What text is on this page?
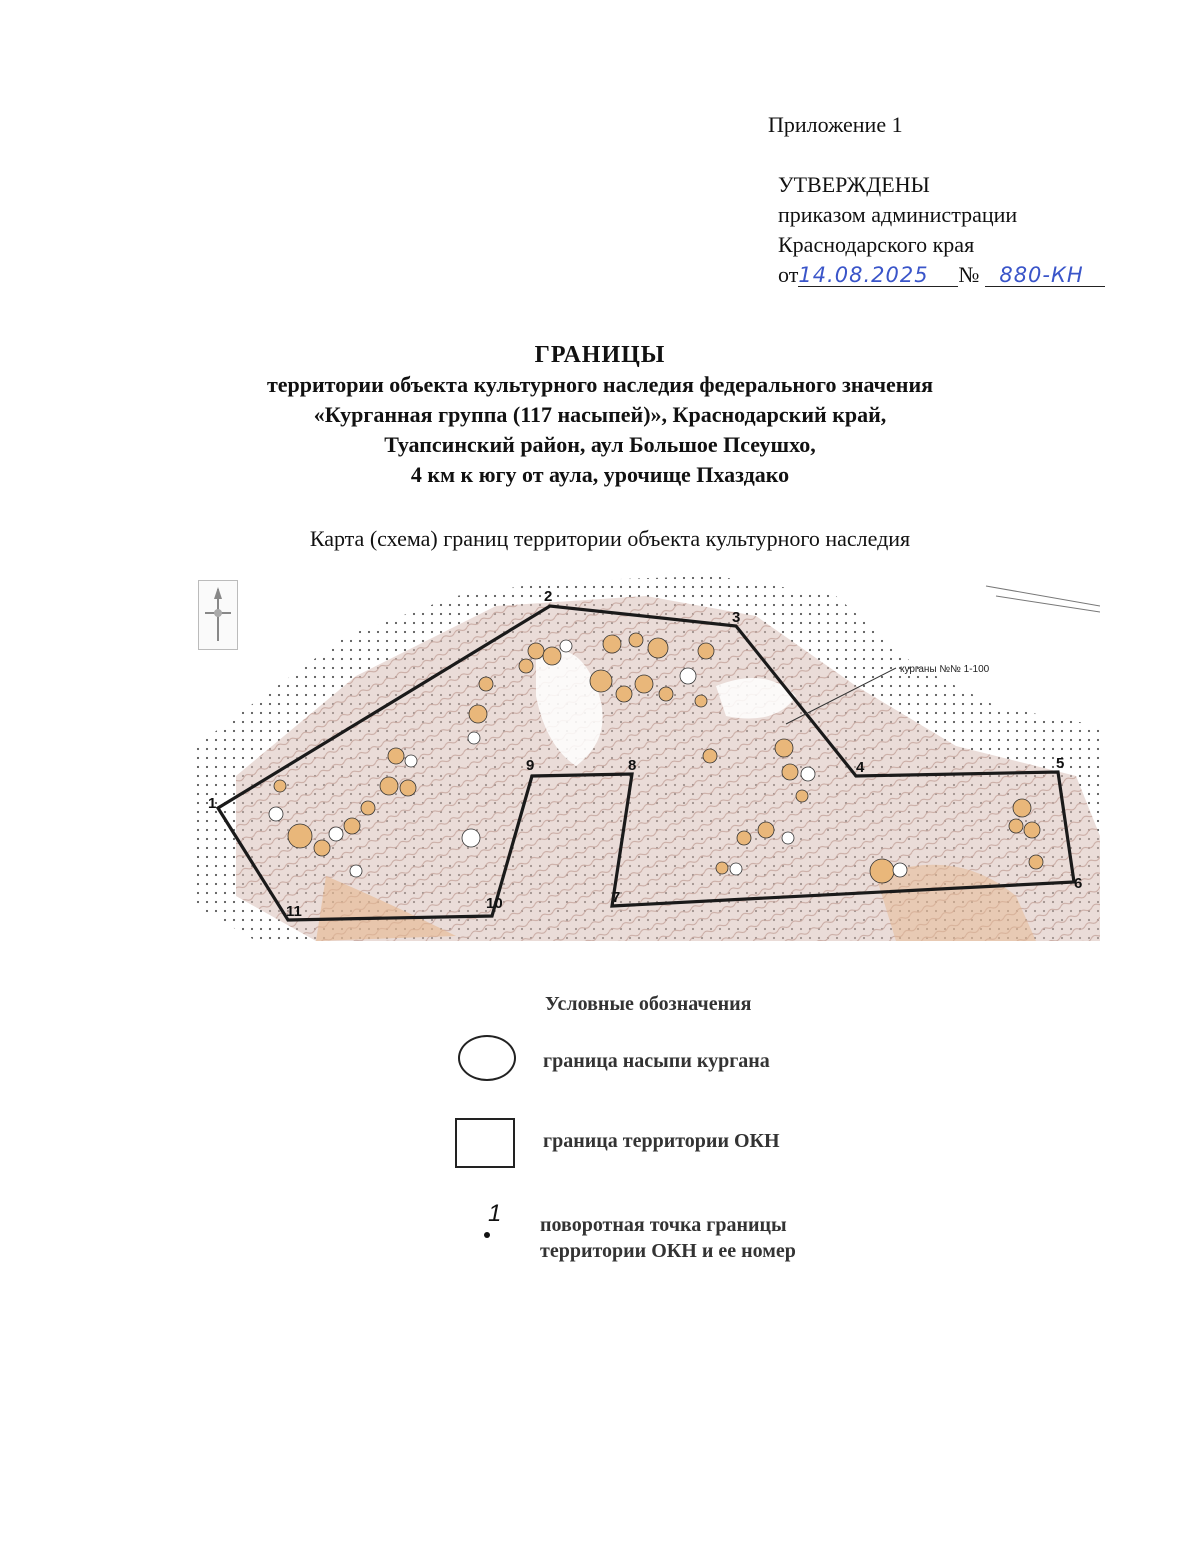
Приложение 1
УТВЕРЖДЕНЫ
приказом администрации
Краснодарского края
от14.08.2025 № 880-КН
ГРАНИЦЫ
территории объекта культурного наследия федерального значения
«Курганная группа (117 насыпей)», Краснодарский край,
Туапсинский район, аул Большое Псеушхо,
4 км к югу от аула, урочище Пхаздако
Карта (схема) границ территории объекта культурного наследия
курганы №№ 1-100
1
2
3
4	5
6
7
8
9
10
11
Условные обозначения
граница насыпи кургана
граница территории ОКН
1 поворотная точка границы
территории ОКН и ее номер
